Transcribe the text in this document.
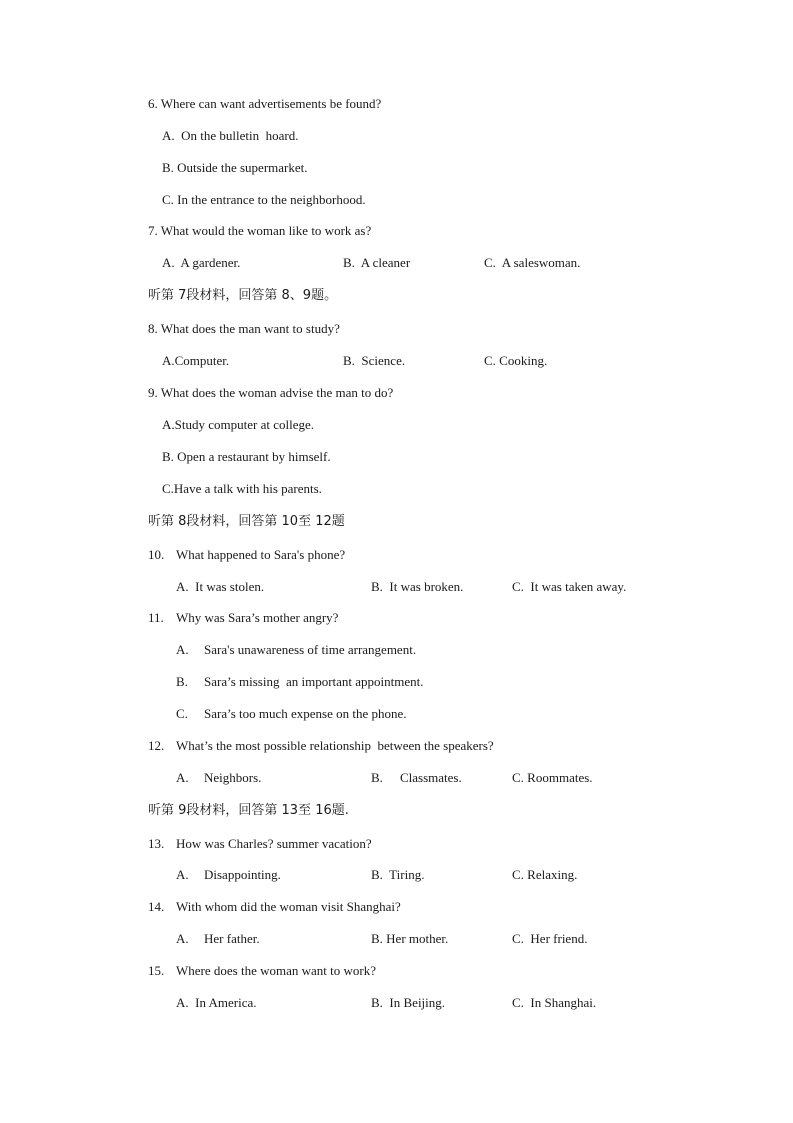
6. Where can want advertisements be found?
A.  On the bulletin  hoard.
B. Outside the supermarket.
C. In the entrance to the neighborhood.
7. What would the woman like to work as?
A.  A gardener.	B.  A cleaner	C.  A saleswoman.
听第 7段材料，回答第 8、9题。
8. What does the man want to study?
A.Computer.	B.  Science.	C. Cooking.
9. What does the woman advise the man to do?
A.Study computer at college.
B. Open a restaurant by himself.
C.Have a talk with his parents.
听第 8段材料，回答第 10至 12题
10. What happened to Sara's phone?
A.  It was stolen.	B.  It was broken.	C.  It was taken away.
11. Why was Sara’s mother angry?
A. Sara's unawareness of time arrangement.
B. Sara’s missing  an important appointment.
C. Sara’s too much expense on the phone.
12. What’s the most possible relationship  between the speakers?
A. Neighbors.	B. Classmates.	C. Roommates.
听第 9段材料，回答第 13至 16题.
13. How was Charles? summer vacation?
A. Disappointing.	B.  Tiring.	C. Relaxing.
14. With whom did the woman visit Shanghai?
A. Her father.	B. Her mother.	C.  Her friend.
15. Where does the woman want to work?
A.  In America.	B.  In Beijing.	C.  In Shanghai.
